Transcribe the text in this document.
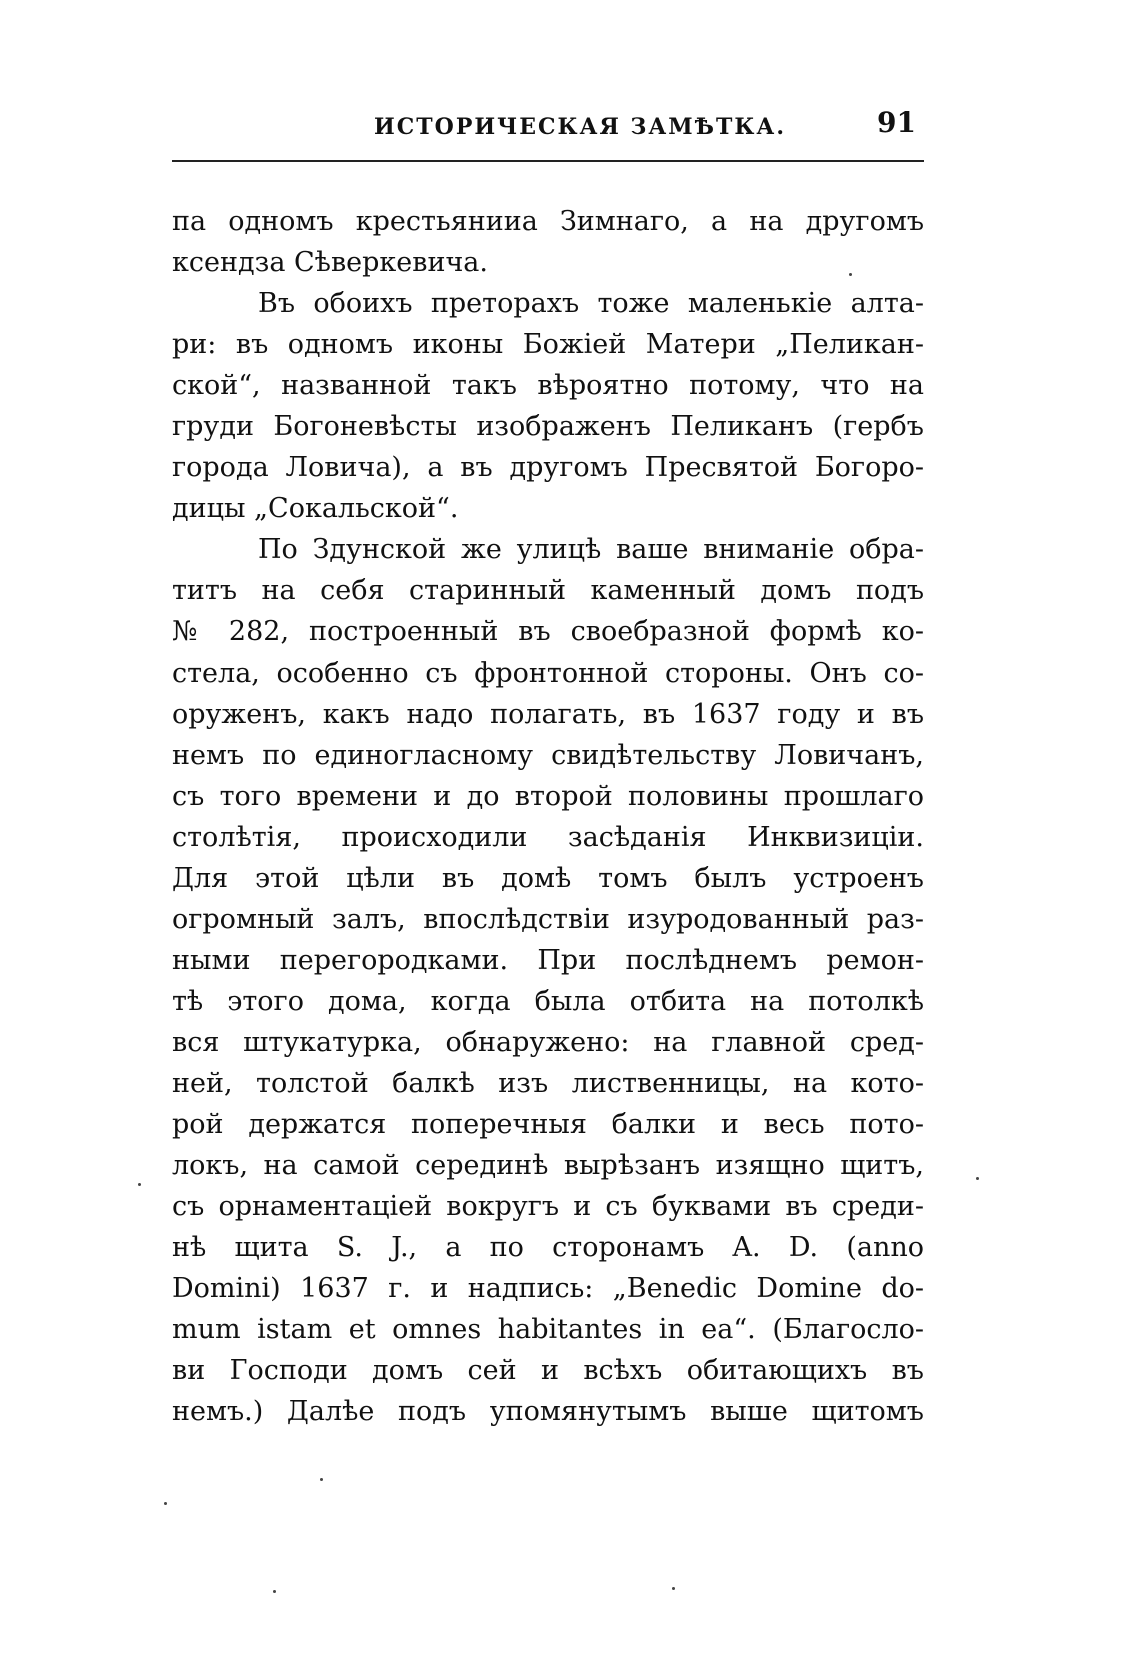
ИСТОРИЧЕСКАЯ ЗАМѢТКА.	91
па одномъ крестьянииа Зимнаго, а на другомъ
ксендза Сѣверкевича.
Въ обоихъ преторахъ тоже маленькіе алта-
ри: въ одномъ иконы Божіей Матери „Пеликан-
ской“, названной такъ вѣроятно потому, что на
груди Богоневѣсты изображенъ Пеликанъ (гербъ
города Ловича), а въ другомъ Пресвятой Богоро-
дицы „Сокальской“.
По Здунской же улицѣ ваше вниманіе обра-
титъ на себя старинный каменный домъ подъ
№ 282, построенный въ своебразной формѣ ко-
стела, особенно съ фронтонной стороны. Онъ со-
оруженъ, какъ надо полагать, въ 1637 году и въ
немъ по единогласному свидѣтельству Ловичанъ,
съ того времени и до второй половины прошлаго
столѣтія, происходили засѣданія Инквизиціи.
Для этой цѣли въ домѣ томъ былъ устроенъ
огромный залъ, впослѣдствіи изуродованный раз-
ными перегородками. При послѣднемъ ремон-
тѣ этого дома, когда была отбита на потолкѣ
вся штукатурка, обнаружено: на главной сред-
ней, толстой балкѣ изъ лиственницы, на кото-
рой держатся поперечныя балки и весь пото-
локъ, на самой серединѣ вырѣзанъ изящно щитъ,
съ орнаментаціей вокругъ и съ буквами въ среди-
нѣ щита S. J., а по сторонамъ A. D. (anno
Domini) 1637 г. и надпись: „Benedic Domine do-
mum istam et omnes habitantes in ea“. (Благосло-
ви Господи домъ сей и всѣхъ обитающихъ въ
немъ.) Далѣе подъ упомянутымъ выше щитомъ
